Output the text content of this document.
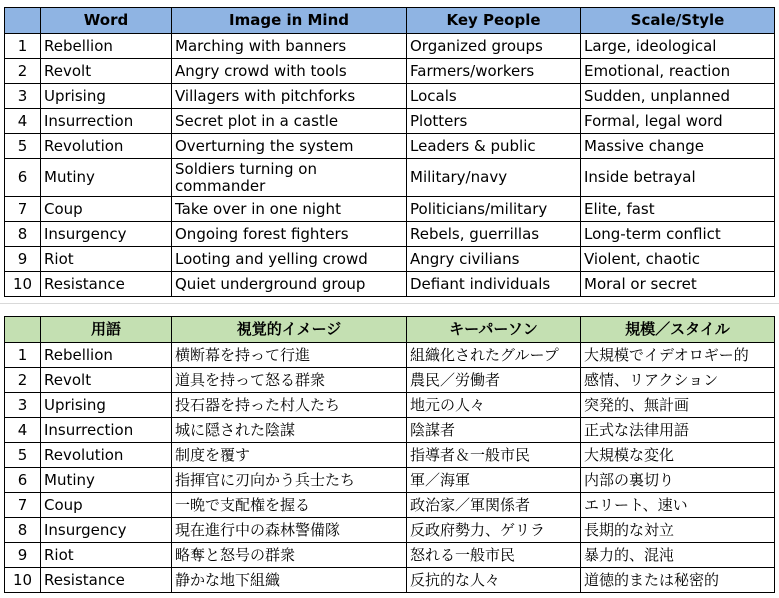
	Word	Image in Mind	Key People	Scale/Style
1	Rebellion	Marching with banners	Organized groups	Large, ideological
2	Revolt	Angry crowd with tools	Farmers/workers	Emotional, reaction
3	Uprising	Villagers with pitchforks	Locals	Sudden, unplanned
4	Insurrection	Secret plot in a castle	Plotters	Formal, legal word
5	Revolution	Overturning the system	Leaders & public	Massive change
6	Mutiny	Soldiers turning on commander	Military/navy	Inside betrayal
7	Coup	Take over in one night	Politicians/military	Elite, fast
8	Insurgency	Ongoing forest fighters	Rebels, guerrillas	Long-term conflict
9	Riot	Looting and yelling crowd	Angry civilians	Violent, chaotic
10	Resistance	Quiet underground group	Defiant individuals	Moral or secret
	用語	視覚的イメージ	キーパーソン	規模／スタイル
1	Rebellion	横断幕を持って行進	組織化されたグループ	大規模でイデオロギー的
2	Revolt	道具を持って怒る群衆	農民／労働者	感情、リアクション
3	Uprising	投石器を持った村人たち	地元の人々	突発的、無計画
4	Insurrection	城に隠された陰謀	陰謀者	正式な法律用語
5	Revolution	制度を覆す	指導者＆一般市民	大規模な変化
6	Mutiny	指揮官に刃向かう兵士たち	軍／海軍	内部の裏切り
7	Coup	一晩で支配権を握る	政治家／軍関係者	エリート、速い
8	Insurgency	現在進行中の森林警備隊	反政府勢力、ゲリラ	長期的な対立
9	Riot	略奪と怒号の群衆	怒れる一般市民	暴力的、混沌
10	Resistance	静かな地下組織	反抗的な人々	道徳的または秘密的
